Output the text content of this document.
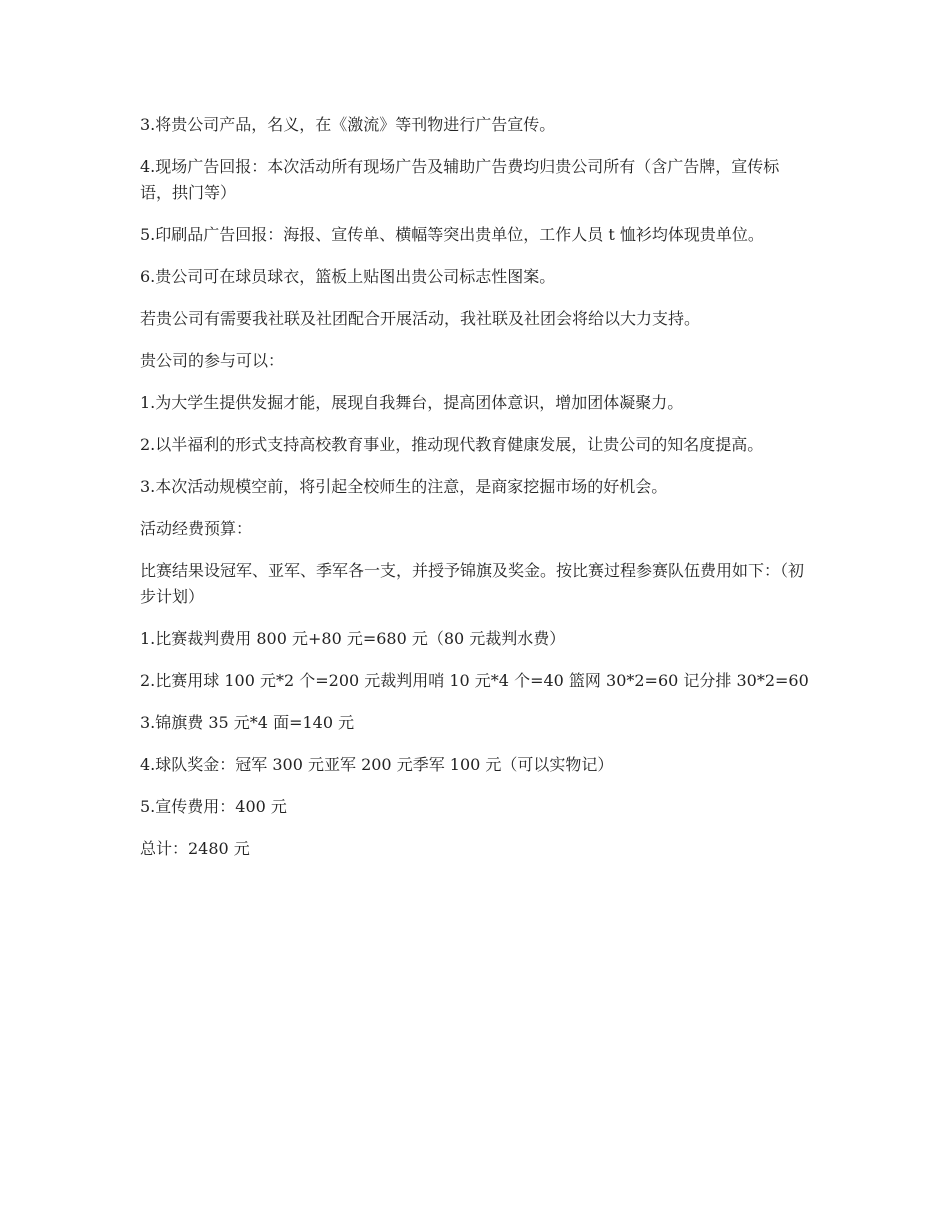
3.将贵公司产品，名义，在《激流》等刊物进行广告宣传。

4.现场广告回报：本次活动所有现场广告及辅助广告费均归贵公司所有（含广告牌，宣传标语，拱门等）

5.印刷品广告回报：海报、宣传单、横幅等突出贵单位，工作人员 t 恤衫均体现贵单位。

6.贵公司可在球员球衣，篮板上贴图出贵公司标志性图案。

若贵公司有需要我社联及社团配合开展活动，我社联及社团会将给以大力支持。

贵公司的参与可以：

1.为大学生提供发掘才能，展现自我舞台，提高团体意识，增加团体凝聚力。

2.以半福利的形式支持高校教育事业，推动现代教育健康发展，让贵公司的知名度提高。

3.本次活动规模空前，将引起全校师生的注意，是商家挖掘市场的好机会。

活动经费预算：

比赛结果设冠军、亚军、季军各一支，并授予锦旗及奖金。按比赛过程参赛队伍费用如下：（初步计划）

1.比赛裁判费用 800 元+80 元=680 元（80 元裁判水费）

2.比赛用球 100 元*2 个=200 元裁判用哨 10 元*4 个=40 篮网 30*2=60 记分排 30*2=60

3.锦旗费 35 元*4 面=140 元

4.球队奖金：冠军 300 元亚军 200 元季军 100 元（可以实物记）

5.宣传费用：400 元

总计：2480 元
